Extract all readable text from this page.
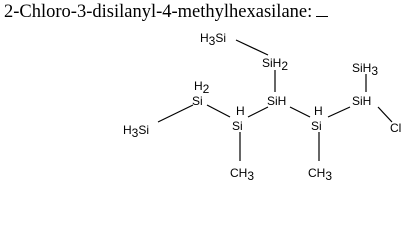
2-Chloro-3-disilanyl-4-methylhexasilane:
H3Si
SiH2	SiH3
H2
Si
H
Si
SiH
H
Si
SiH
Cl
H3Si
CH3	CH3
